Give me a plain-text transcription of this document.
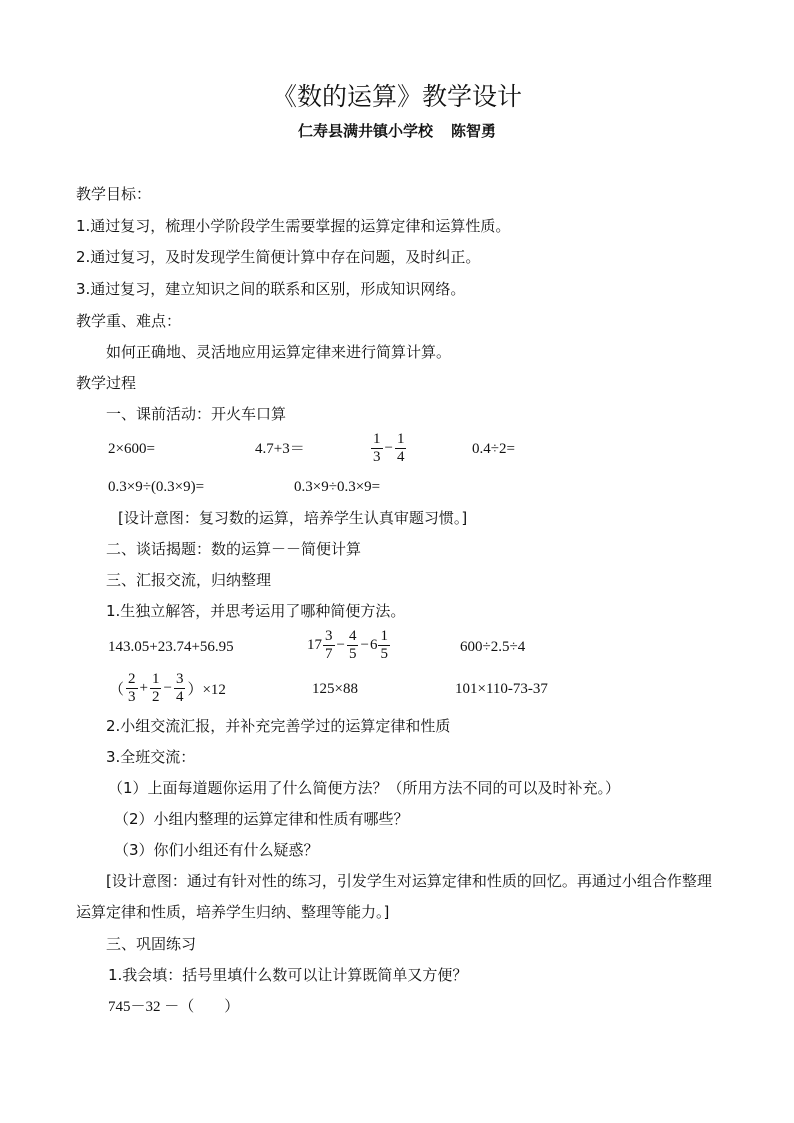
《数的运算》教学设计
仁寿县满井镇小学校 陈智勇
教学目标：
1.通过复习，梳理小学阶段学生需要掌握的运算定律和运算性质。
2.通过复习，及时发现学生简便计算中存在问题，及时纠正。
3.通过复习，建立知识之间的联系和区别，形成知识网络。
教学重、难点：
如何正确地、灵活地应用运算定律来进行简算计算。
教学过程
一、课前活动：开火车口算
2×600=	4.7+3＝	$\frac{1}{3} - \frac{1}{4}$	0.4÷2=
0.3×9÷(0.3×9)=	0.3×9÷0.3×9=
[设计意图：复习数的运算，培养学生认真审题习惯。]
二、谈话揭题：数的运算－－简便计算
三、汇报交流，归纳整理
1.生独立解答，并思考运用了哪种简便方法。
143.05+23.74+56.95	$17 \frac{3}{7} - \frac{4}{5} -6 \frac{1}{5}$	600÷2.5÷4
（ $\frac{2}{3} + \frac{1}{2} - \frac{3}{4} )\times 12$	125×88	101×110-73-37
2.小组交流汇报，并补充完善学过的运算定律和性质
3.全班交流：
（1）上面每道题你运用了什么简便方法？（所用方法不同的可以及时补充。）
（2）小组内整理的运算定律和性质有哪些？
（3）你们小组还有什么疑惑？
[设计意图：通过有针对性的练习，引发学生对运算定律和性质的回忆。再通过小组合作整理运算定律和性质，培养学生归纳、整理等能力。]
三、巩固练习
1.我会填：括号里填什么数可以让计算既简单又方便？
745－32 －（　　）
